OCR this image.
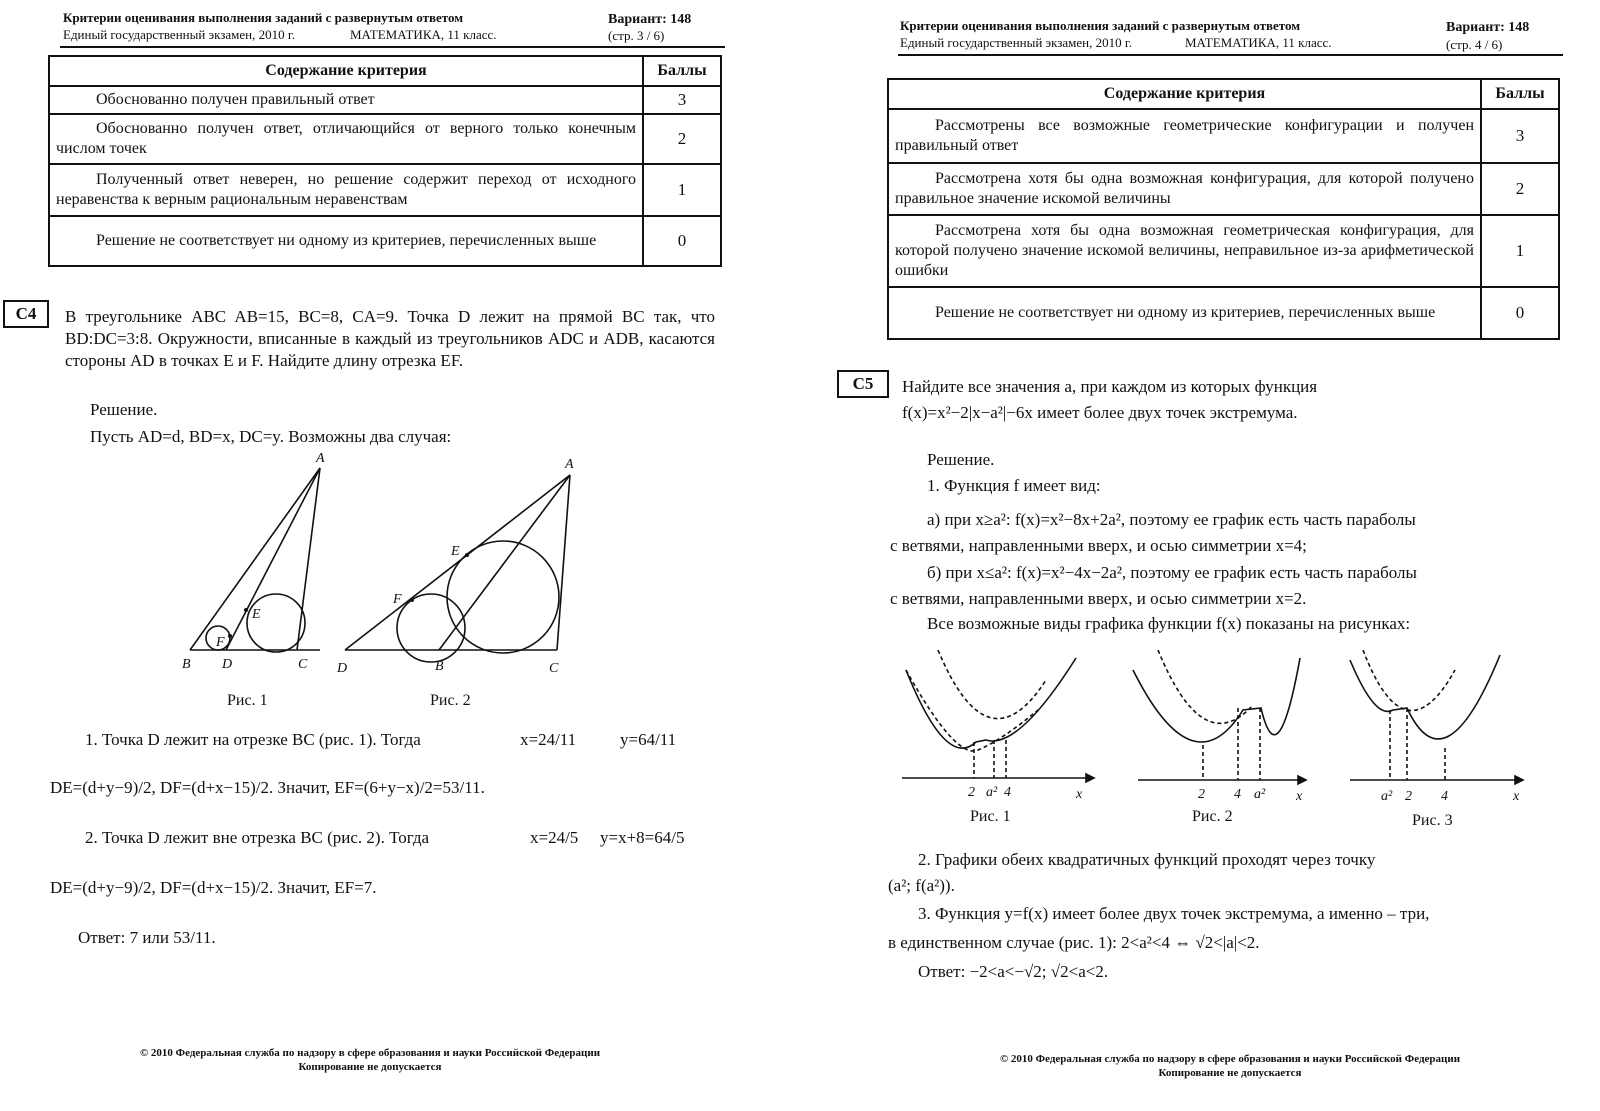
Критерии оценивания выполнения заданий с развернутым ответом
Единый государственный экзамен, 2010 г.	МАТЕМАТИКА, 11 класс.
Вариант: 148
(стр. 3 / 6)
Содержание критерия	Баллы
Обоснованно получен правильный ответ	3
Обоснованно получен ответ, отличающийся от верного только конечным числом точек	2
Полученный ответ неверен, но решение содержит переход от исходного неравенства к верным рациональным неравенствам	1
Решение не соответствует ни одному из критериев, перечисленных выше	0
C4	В треугольнике ABC AB=15, BC=8, CA=9. Точка D лежит на прямой BC так, что BD:DC=3:8. Окружности, вписанные в каждый из треугольников ADC и ADB, касаются стороны AD в точках E и F. Найдите длину отрезка EF.
Решение.
Пусть AD=d, BD=x, DC=y. Возможны два случая:
A
B D	C
E
F
Рис. 1
A
D	B	C
E
F
Рис. 2
1. Точка D лежит на отрезке BC (рис. 1). Тогда	x=24/11	y=64/11
DE=(d+y−9)/2, DF=(d+x−15)/2. Значит, EF=(6+y−x)/2=53/11.
2. Точка D лежит вне отрезка BC (рис. 2). Тогда	x=24/5 y=x+8=64/5
DE=(d+y−9)/2, DF=(d+x−15)/2. Значит, EF=7.
Ответ: 7 или 53/11.
© 2010 Федеральная служба по надзору в сфере образования и науки Российской Федерации
Копирование не допускается
Критерии оценивания выполнения заданий с развернутым ответом
Единый государственный экзамен, 2010 г.	МАТЕМАТИКА, 11 класс.
Вариант: 148
(стр. 4 / 6)
Содержание критерия	Баллы
Рассмотрены все возможные геометрические конфигурации и получен правильный ответ	3
Рассмотрена хотя бы одна возможная конфигурация, для которой получено правильное значение искомой величины	2
Рассмотрена хотя бы одна возможная геометрическая конфигурация, для которой получено значение искомой величины, неправильное из-за арифметической ошибки	1
Решение не соответствует ни одному из критериев, перечисленных выше	0
C5	Найдите все значения a, при каждом из которых функция
f(x)=x²−2|x−a²|−6x имеет более двух точек экстремума.
Решение.
1. Функция f имеет вид:
а) при x≥a²: f(x)=x²−8x+2a², поэтому ее график есть часть параболы
с ветвями, направленными вверх, и осью симметрии x=4;
б) при x≤a²: f(x)=x²−4x−2a², поэтому ее график есть часть параболы
с ветвями, направленными вверх, и осью симметрии x=2.
Все возможные виды графика функции f(x) показаны на рисунках:
2 a² 4	x
Рис. 1
2 4 a² x
Рис. 2
a² 2 4	x
Рис. 3
2. Графики обеих квадратичных функций проходят через точку
(a²; f(a²)).
3. Функция y=f(x) имеет более двух точек экстремума, а именно – три,
в единственном случае (рис. 1): 2<a²<4 ⇔ √2<|a|<2.
Ответ: −2<a<−√2; √2<a<2.
© 2010 Федеральная служба по надзору в сфере образования и науки Российской Федерации
Копирование не допускается
